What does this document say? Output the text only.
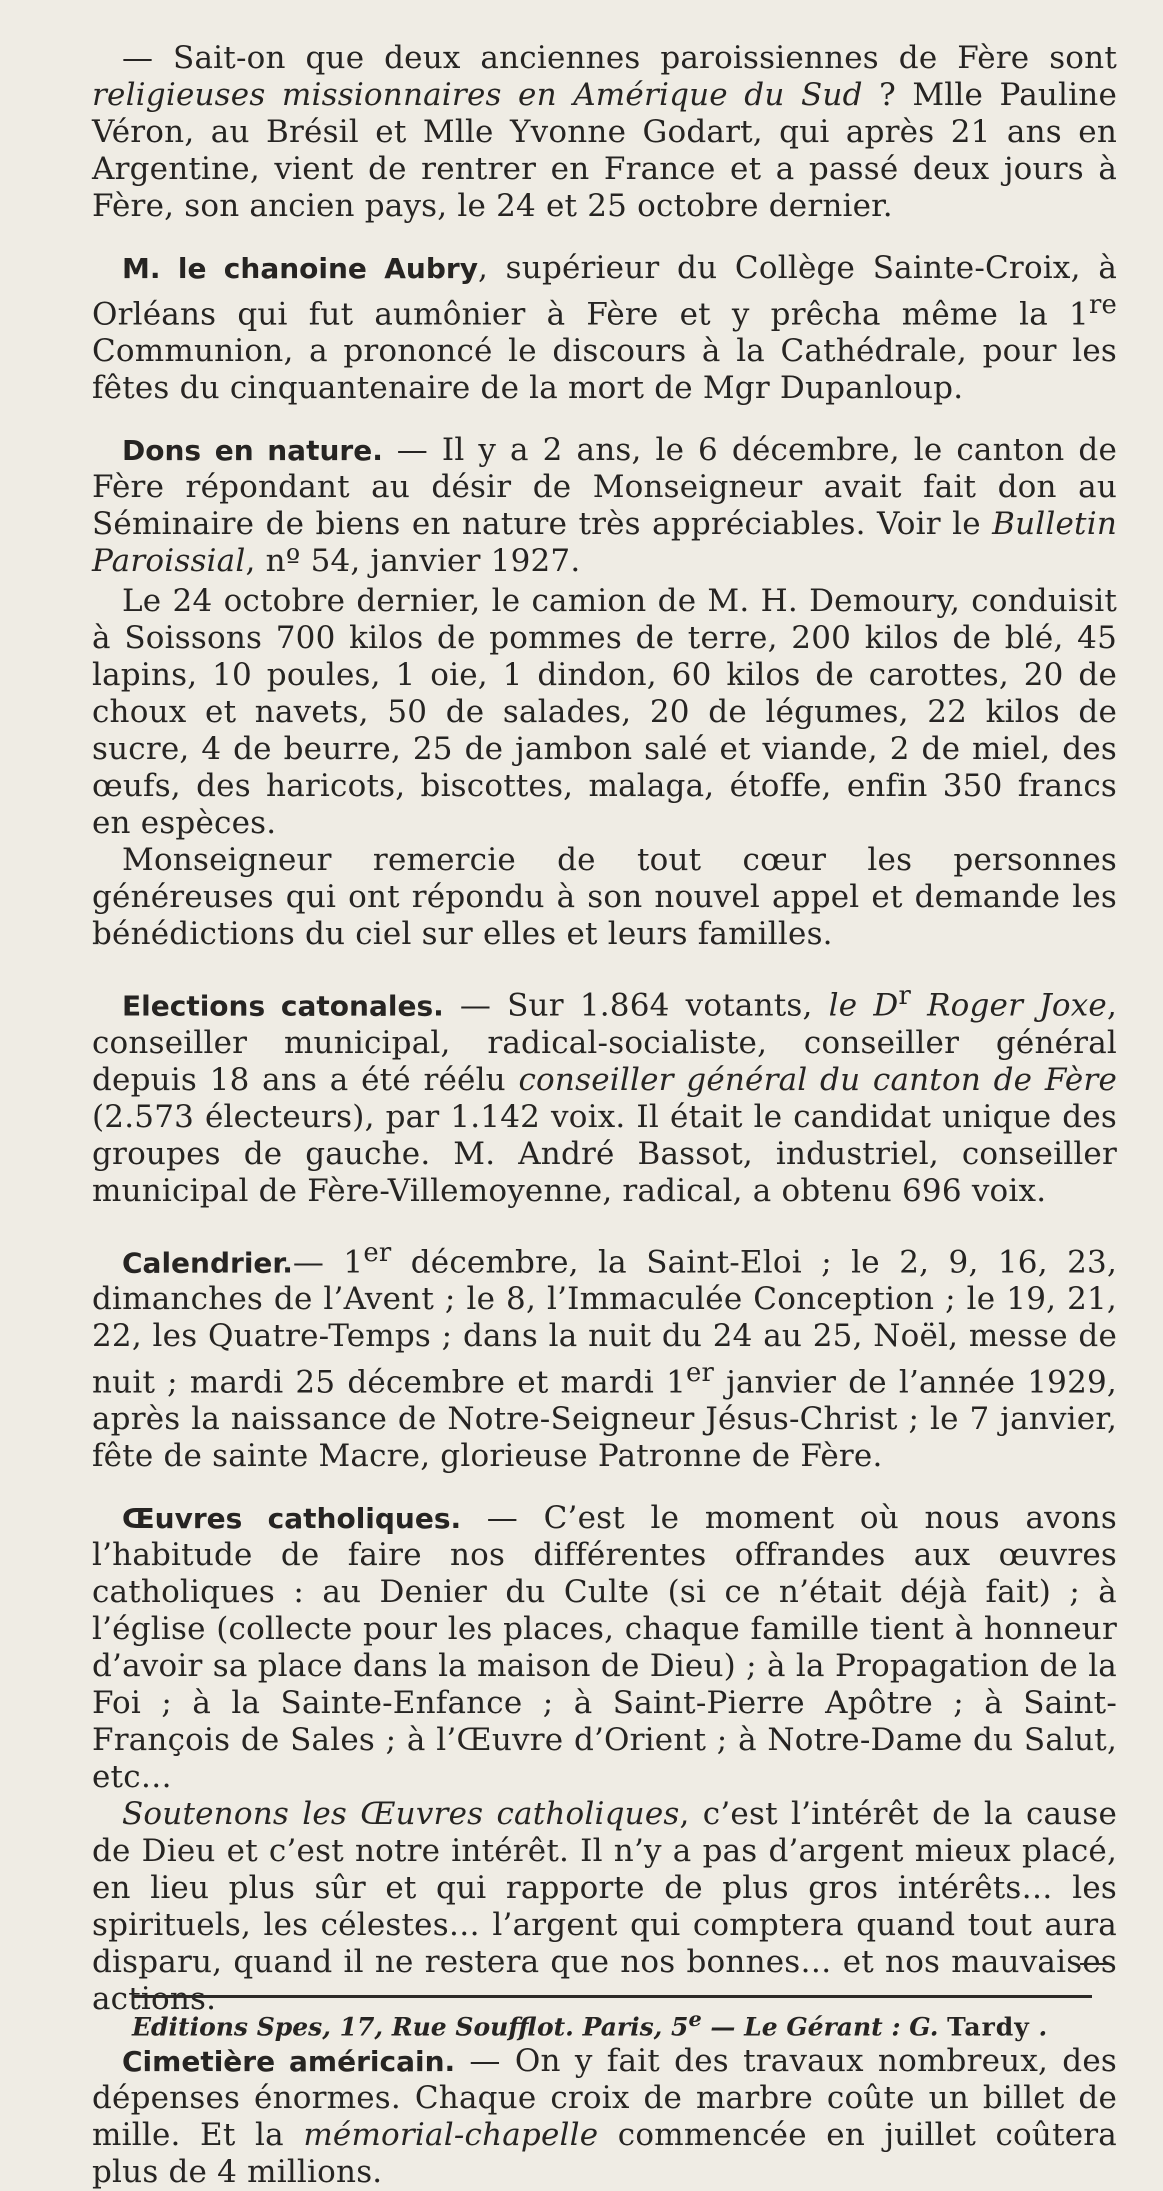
— Sait-on que deux anciennes paroissiennes de Fère sont religieuses missionnaires en Amérique du Sud ? Mlle Pauline Véron, au Brésil et Mlle Yvonne Godart, qui après 21 ans en Argentine, vient de rentrer en France et a passé deux jours à Fère, son ancien pays, le 24 et 25 octobre dernier.

M. le chanoine Aubry, supérieur du Collège Sainte-Croix, à Orléans qui fut aumônier à Fère et y prêcha même la 1re Communion, a prononcé le discours à la Cathédrale, pour les fêtes du cinquantenaire de la mort de Mgr Dupanloup.

Dons en nature. — Il y a 2 ans, le 6 décembre, le canton de Fère répondant au désir de Monseigneur avait fait don au Séminaire de biens en nature très appréciables. Voir le Bulletin Paroissial, nº 54, janvier 1927.

Le 24 octobre dernier, le camion de M. H. Demoury, conduisit à Soissons 700 kilos de pommes de terre, 200 kilos de blé, 45 lapins, 10 poules, 1 oie, 1 dindon, 60 kilos de carottes, 20 de choux et navets, 50 de salades, 20 de légumes, 22 kilos de sucre, 4 de beurre, 25 de jambon salé et viande, 2 de miel, des œufs, des haricots, biscottes, malaga, étoffe, enfin 350 francs en espèces.

Monseigneur remercie de tout cœur les personnes généreuses qui ont répondu à son nouvel appel et demande les bénédictions du ciel sur elles et leurs familles.

Elections catonales. — Sur 1.864 votants, le $D^r$ Roger Joxe, conseiller municipal, radical-socialiste, conseiller général depuis 18 ans a été réélu conseiller général du canton de Fère (2.573 électeurs), par 1.142 voix. Il était le candidat unique des groupes de gauche. M. André Bassot, industriel, conseiller municipal de Fère-Villemoyenne, radical, a obtenu 696 voix.

Calendrier.— 1er décembre, la Saint-Eloi ; le 2, 9, 16, 23, dimanches de l’Avent ; le 8, l’Immaculée Conception ; le 19, 21, 22, les Quatre-Temps ; dans la nuit du 24 au 25, Noël, messe de nuit ; mardi 25 décembre et mardi 1er janvier de l’année 1929, après la naissance de Notre-Seigneur Jésus-Christ ; le 7 janvier, fête de sainte Macre, glorieuse Patronne de Fère.

Œuvres catholiques. — C’est le moment où nous avons l’habitude de faire nos différentes offrandes aux œuvres catholiques : au Denier du Culte (si ce n’était déjà fait) ; à l’église (collecte pour les places, chaque famille tient à honneur d’avoir sa place dans la maison de Dieu) ; à la Propagation de la Foi ; à la Sainte-Enfance ; à Saint-Pierre Apôtre ; à Saint-François de Sales ; à l’Œuvre d’Orient ; à Notre-Dame du Salut, etc…

Soutenons les Œuvres catholiques, c’est l’intérêt de la cause de Dieu et c’est notre intérêt. Il n’y a pas d’argent mieux placé, en lieu plus sûr et qui rapporte de plus gros intérêts… les spirituels, les célestes… l’argent qui comptera quand tout aura disparu, quand il ne restera que nos bonnes… et nos mauvaises actions.

Cimetière américain. — On y fait des travaux nombreux, des dépenses énormes. Chaque croix de marbre coûte un billet de mille. Et la mémorial-chapelle commencée en juillet coûtera plus de 4 millions.

Editions Spes, 17, Rue Soufflot. Paris, 5e — Le Gérant : G. Tardy .
